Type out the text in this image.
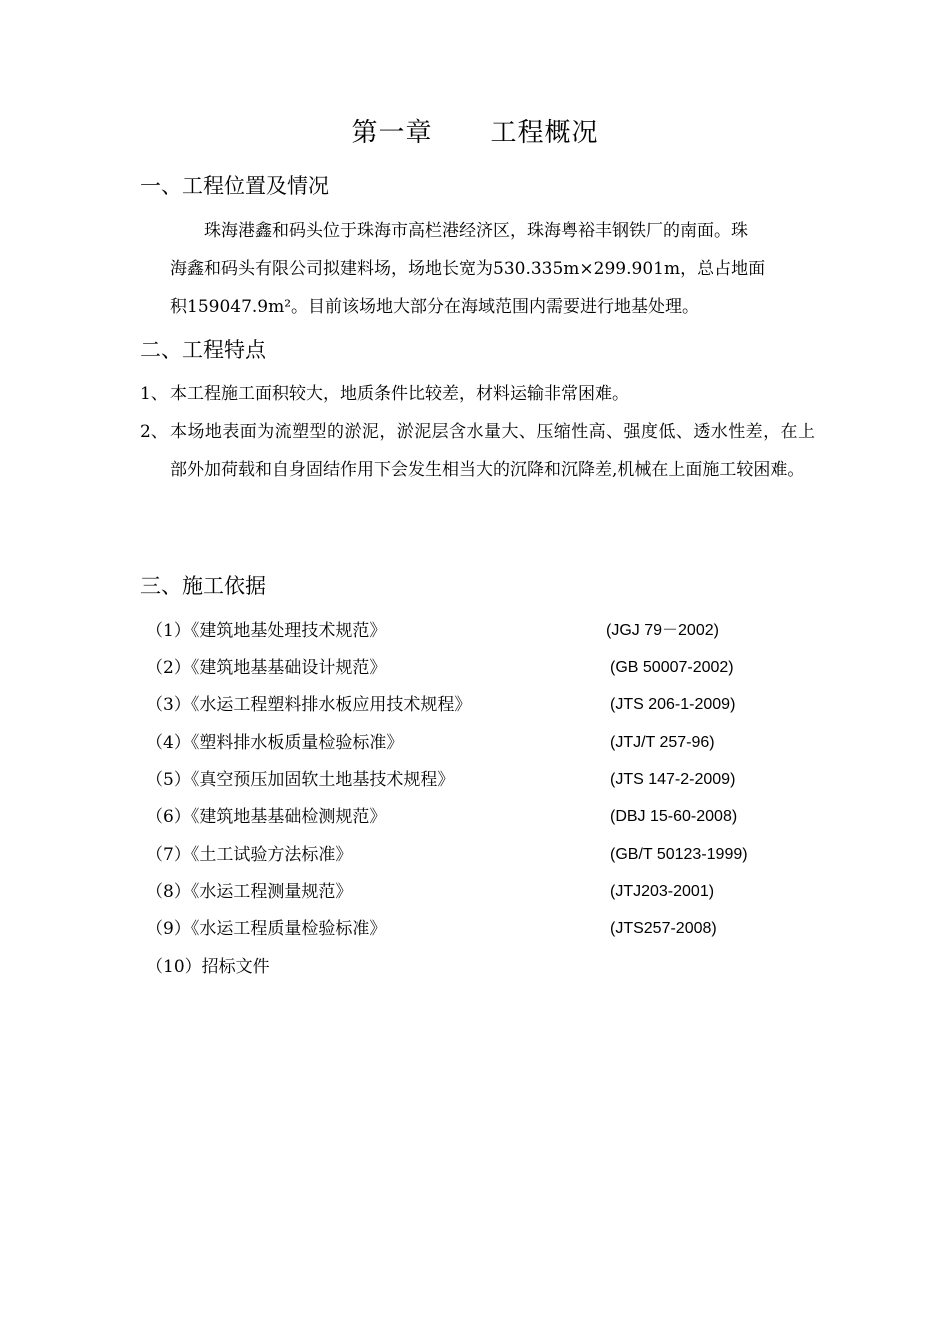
第一章 工程概况
一、工程位置及情况
珠海港鑫和码头位于珠海市高栏港经济区，珠海粤裕丰钢铁厂的南面。珠
海鑫和码头有限公司拟建料场，场地长宽为530.335m×299.901m，总占地面
积159047.9m²。目前该场地大部分在海域范围内需要进行地基处理。
二、工程特点
1、 本工程施工面积较大，地质条件比较差，材料运输非常困难。
2、 本场地表面为流塑型的淤泥，淤泥层含水量大、压缩性高、强度低、透水性差，在上部外加荷载和自身固结作用下会发生相当大的沉降和沉降差,机械在上面施工较困难。
三、施工依据
（1）《建筑地基处理技术规范》	(JGJ 79－2002)
（2）《建筑地基基础设计规范》	(GB 50007-2002)
（3）《水运工程塑料排水板应用技术规程》	(JTS 206-1-2009)
（4）《塑料排水板质量检验标准》	(JTJ/T 257-96)
（5）《真空预压加固软土地基技术规程》	(JTS 147-2-2009)
（6）《建筑地基基础检测规范》	(DBJ 15-60-2008)
（7）《土工试验方法标准》	(GB/T 50123-1999)
（8）《水运工程测量规范》	(JTJ203-2001)
（9）《水运工程质量检验标准》	(JTS257-2008)
（10）招标文件
